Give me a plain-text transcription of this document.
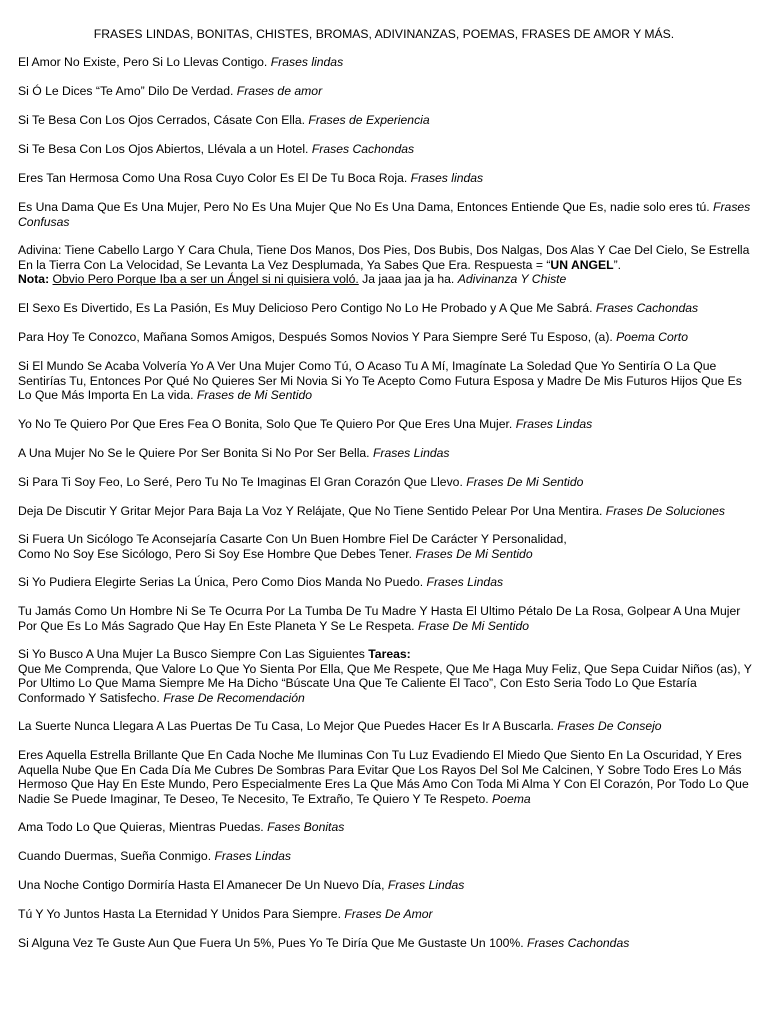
FRASES LINDAS, BONITAS, CHISTES, BROMAS, ADIVINANZAS, POEMAS, FRASES DE AMOR Y MÁS.

El Amor No Existe, Pero Si Lo Llevas Contigo. Frases lindas

Si Ó Le Dices “Te Amo” Dilo De Verdad. Frases de amor

Si Te Besa Con Los Ojos Cerrados, Cásate Con Ella. Frases de Experiencia

Si Te Besa Con Los Ojos Abiertos, Llévala a un Hotel. Frases Cachondas

Eres Tan Hermosa Como Una Rosa Cuyo Color Es El De Tu Boca Roja. Frases lindas

Es Una Dama Que Es Una Mujer, Pero No Es Una Mujer Que No Es Una Dama, Entonces Entiende Que Es, nadie solo eres tú. Frases Confusas

Adivina: Tiene Cabello Largo Y Cara Chula, Tiene Dos Manos, Dos Pies, Dos Bubis, Dos Nalgas, Dos Alas Y Cae Del Cielo, Se Estrella En la Tierra Con La Velocidad, Se Levanta La Vez Desplumada, Ya Sabes Que Era. Respuesta = “UN ANGEL”.
Nota: Obvio Pero Porque Iba a ser un Ángel si ni quisiera voló. Ja jaaa jaa ja ha. Adivinanza Y Chiste

El Sexo Es Divertido, Es La Pasión, Es Muy Delicioso Pero Contigo No Lo He Probado y A Que Me Sabrá. Frases Cachondas

Para Hoy Te Conozco, Mañana Somos Amigos, Después Somos Novios Y Para Siempre Seré Tu Esposo, (a). Poema Corto

Si El Mundo Se Acaba Volvería Yo A Ver Una Mujer Como Tú, O Acaso Tu A Mí, Imagínate La Soledad Que Yo Sentiría O La Que Sentirías Tu, Entonces Por Qué No Quieres Ser Mi Novia Si Yo Te Acepto Como Futura Esposa y Madre De Mis Futuros Hijos Que Es Lo Que Más Importa En La vida. Frases de Mi Sentido

Yo No Te Quiero Por Que Eres Fea O Bonita, Solo Que Te Quiero Por Que Eres Una Mujer. Frases Lindas

A Una Mujer No Se le Quiere Por Ser Bonita Si No Por Ser Bella. Frases Lindas

Si Para Ti Soy Feo, Lo Seré, Pero Tu No Te Imaginas El Gran Corazón Que Llevo. Frases De Mi Sentido

Deja De Discutir Y Gritar Mejor Para Baja La Voz Y Relájate, Que No Tiene Sentido Pelear Por Una Mentira. Frases De Soluciones

Si Fuera Un Sicólogo Te Aconsejaría Casarte Con Un Buen Hombre Fiel De Carácter Y Personalidad,
Como No Soy Ese Sicólogo, Pero Si Soy Ese Hombre Que Debes Tener. Frases De Mi Sentido

Si Yo Pudiera Elegirte Serias La Única, Pero Como Dios Manda No Puedo. Frases Lindas

Tu Jamás Como Un Hombre Ni Se Te Ocurra Por La Tumba De Tu Madre Y Hasta El Ultimo Pétalo De La Rosa, Golpear A Una Mujer Por Que Es Lo Más Sagrado Que Hay En Este Planeta Y Se Le Respeta. Frase De Mi Sentido

Si Yo Busco A Una Mujer La Busco Siempre Con Las Siguientes Tareas:
Que Me Comprenda, Que Valore Lo Que Yo Sienta Por Ella, Que Me Respete, Que Me Haga Muy Feliz, Que Sepa Cuidar Niños (as), Y Por Ultimo Lo Que Mama Siempre Me Ha Dicho “Búscate Una Que Te Caliente El Taco”, Con Esto Seria Todo Lo Que Estaría Conformado Y Satisfecho. Frase De Recomendación

La Suerte Nunca Llegara A Las Puertas De Tu Casa, Lo Mejor Que Puedes Hacer Es Ir A Buscarla. Frases De Consejo

Eres Aquella Estrella Brillante Que En Cada Noche Me Iluminas Con Tu Luz Evadiendo El Miedo Que Siento En La Oscuridad, Y Eres Aquella Nube Que En Cada Día Me Cubres De Sombras Para Evitar Que Los Rayos Del Sol Me Calcinen, Y Sobre Todo Eres Lo Más Hermoso Que Hay En Este Mundo, Pero Especialmente Eres La Que Más Amo Con Toda Mi Alma Y Con El Corazón, Por Todo Lo Que Nadie Se Puede Imaginar, Te Deseo, Te Necesito, Te Extraño, Te Quiero Y Te Respeto. Poema

Ama Todo Lo Que Quieras, Mientras Puedas. Fases Bonitas

Cuando Duermas, Sueña Conmigo. Frases Lindas

Una Noche Contigo Dormiría Hasta El Amanecer De Un Nuevo Día, Frases Lindas

Tú Y Yo Juntos Hasta La Eternidad Y Unidos Para Siempre. Frases De Amor

Si Alguna Vez Te Guste Aun Que Fuera Un 5%, Pues Yo Te Diría Que Me Gustaste Un 100%. Frases Cachondas
